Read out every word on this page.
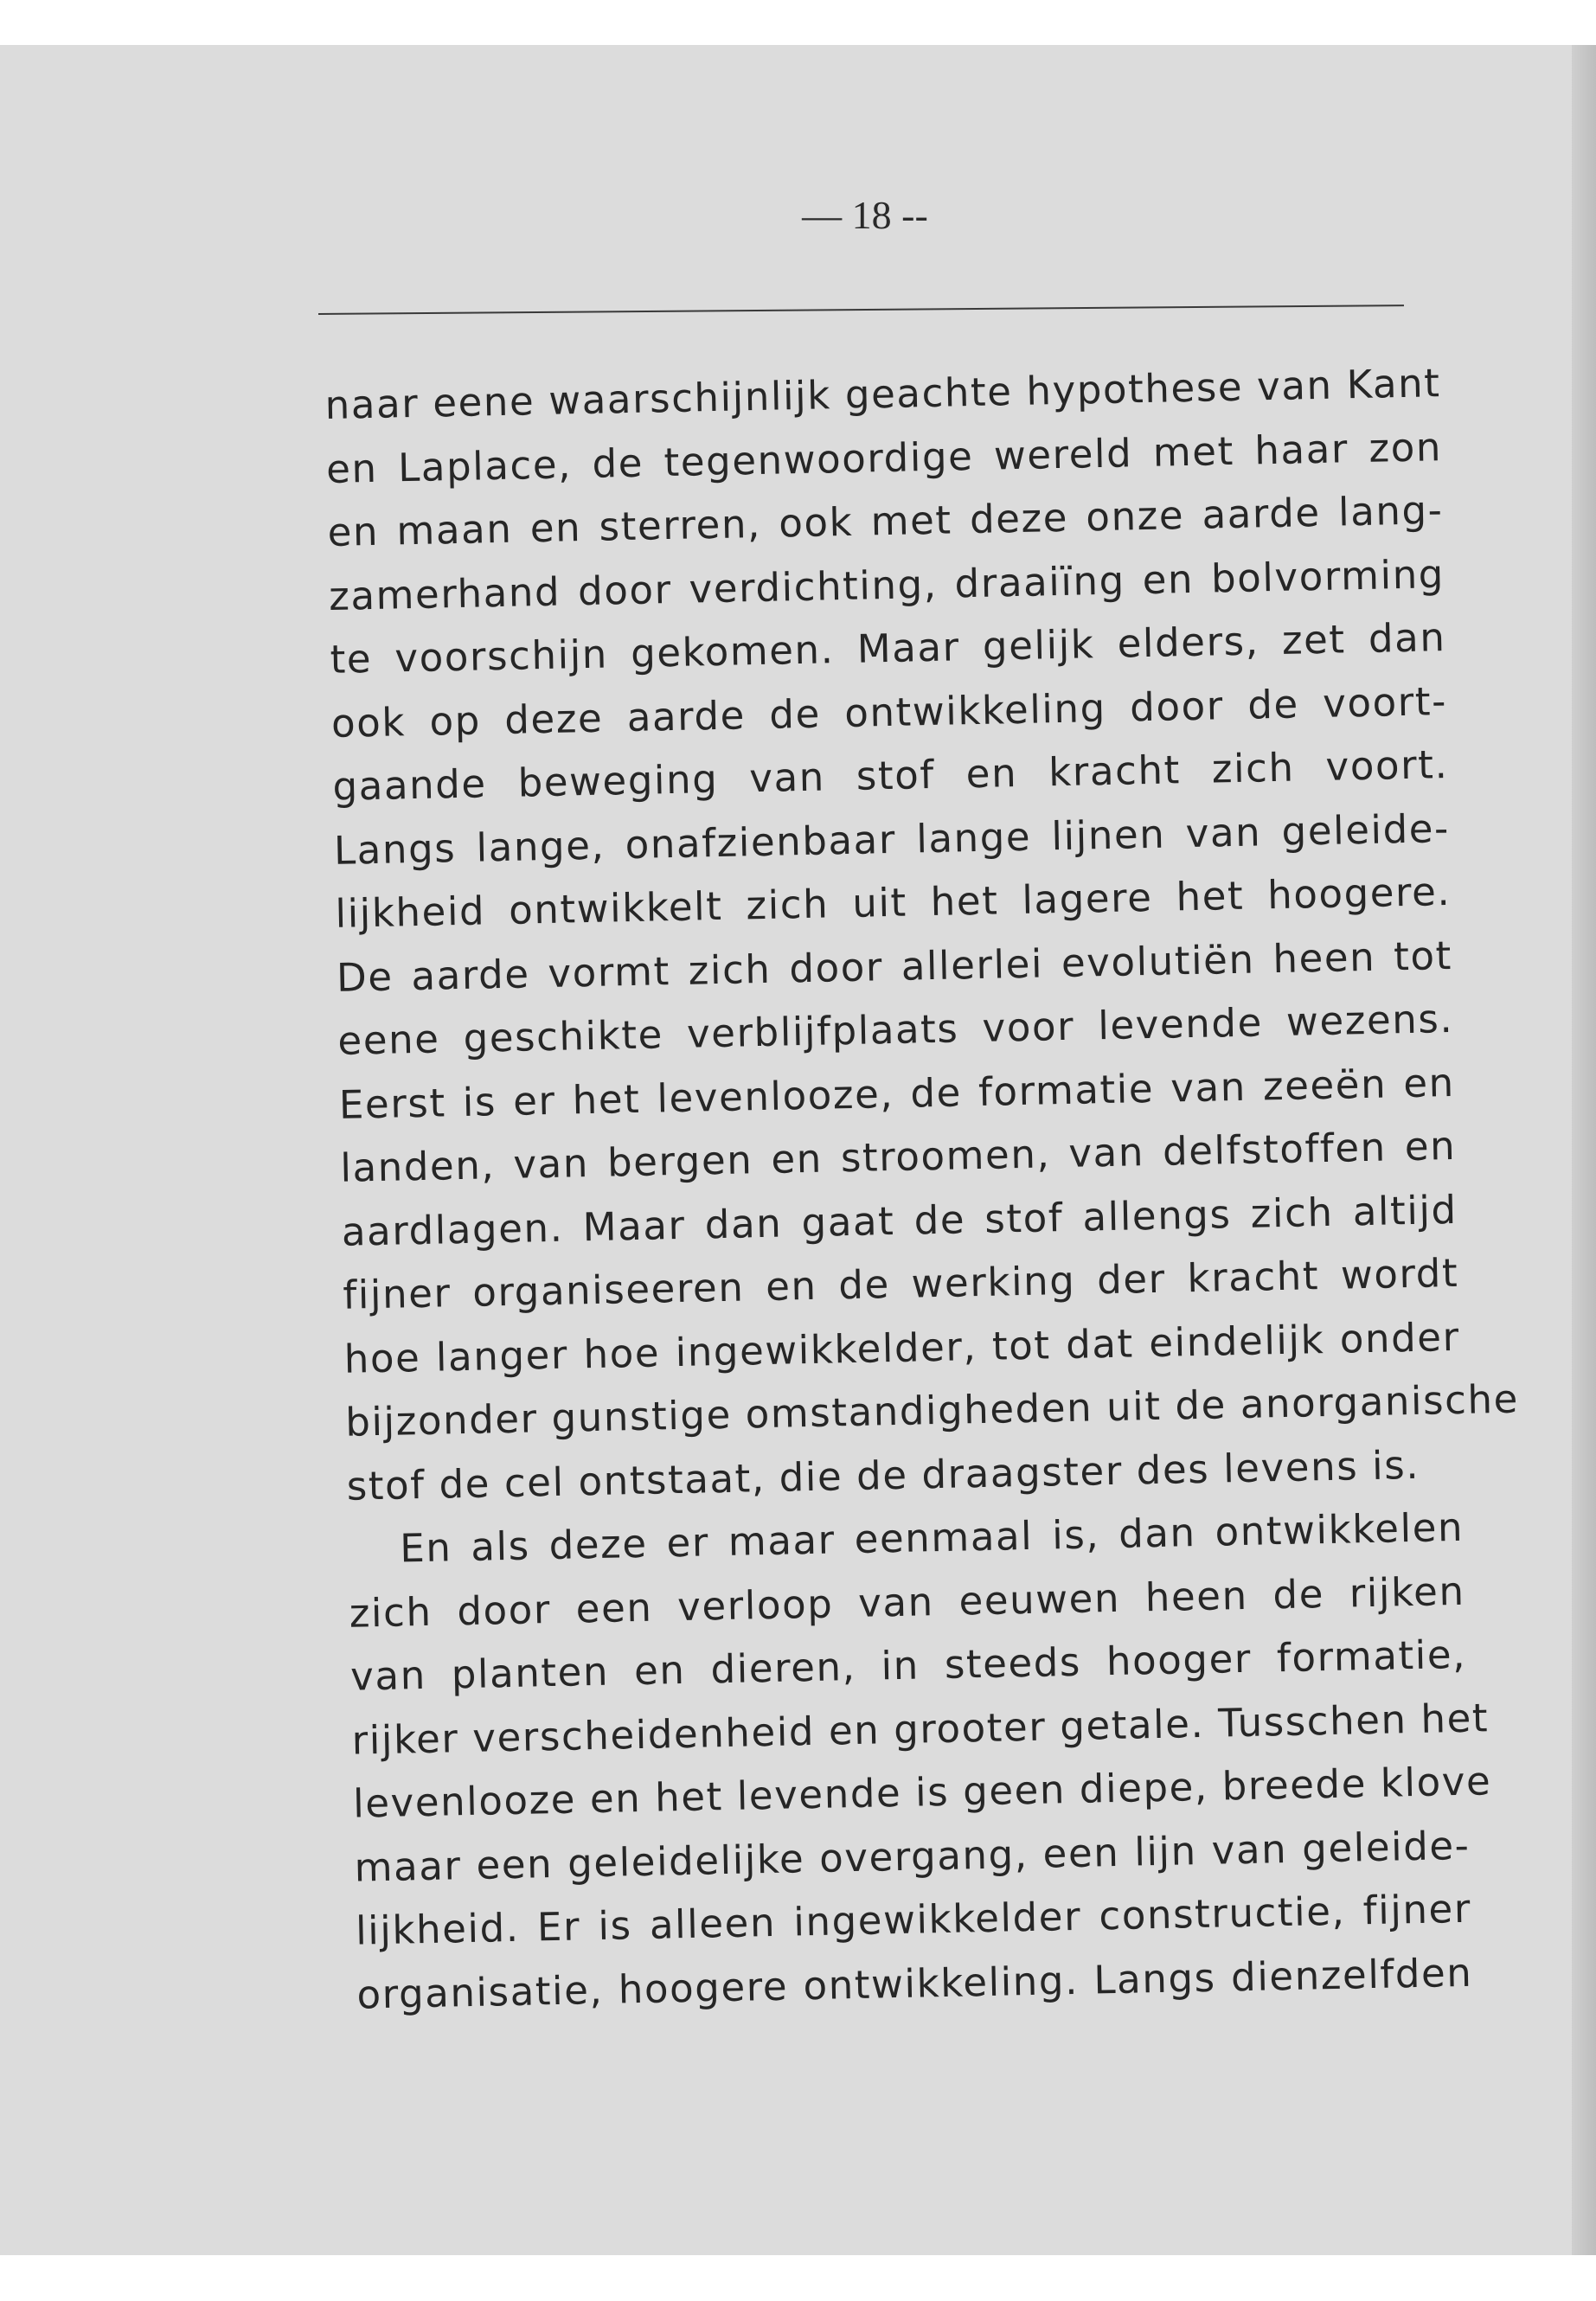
— 18 --
naar eene waarschijnlijk geachte hypothese van Kant
en Laplace, de tegenwoordige wereld met haar zon
en maan en sterren, ook met deze onze aarde lang-
zamerhand door verdichting, draaiïng en bolvorming
te voorschijn gekomen. Maar gelijk elders, zet dan
ook op deze aarde de ontwikkeling door de voort-
gaande beweging van stof en kracht zich voort.
Langs lange, onafzienbaar lange lijnen van geleide-
lijkheid ontwikkelt zich uit het lagere het hoogere.
De aarde vormt zich door allerlei evolutiën heen tot
eene geschikte verblijfplaats voor levende wezens.
Eerst is er het levenlooze, de formatie van zeeën en
landen, van bergen en stroomen, van delfstoffen en
aardlagen. Maar dan gaat de stof allengs zich altijd
fijner organiseeren en de werking der kracht wordt
hoe langer hoe ingewikkelder, tot dat eindelijk onder
bijzonder gunstige omstandigheden uit de anorganische
stof de cel ontstaat, die de draagster des levens is.
En als deze er maar eenmaal is, dan ontwikkelen
zich door een verloop van eeuwen heen de rijken
van planten en dieren, in steeds hooger formatie,
rijker verscheidenheid en grooter getale. Tusschen het
levenlooze en het levende is geen diepe, breede klove
maar een geleidelijke overgang, een lijn van geleide-
lijkheid. Er is alleen ingewikkelder constructie, fijner
organisatie, hoogere ontwikkeling. Langs dienzelfden
